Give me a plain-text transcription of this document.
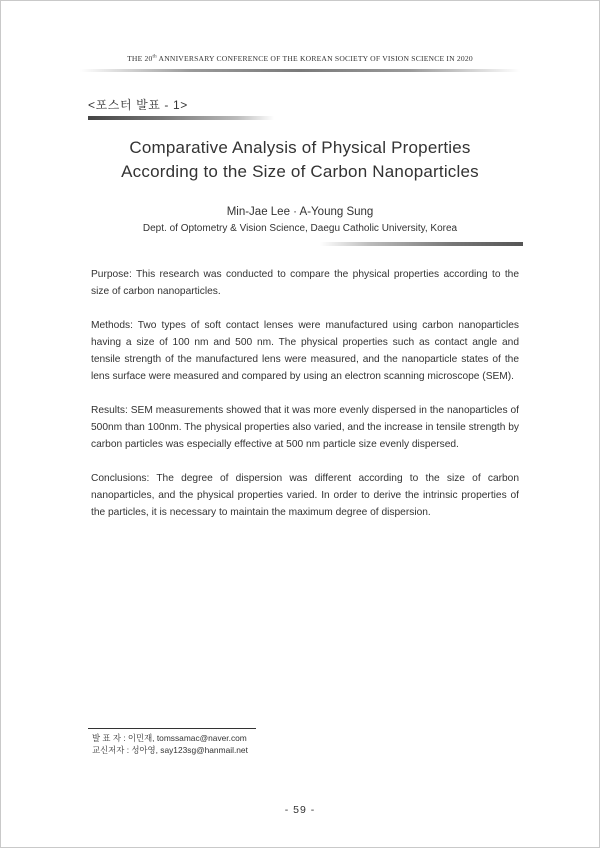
THE 20th ANNIVERSARY CONFERENCE OF THE KOREAN SOCIETY OF VISION SCIENCE IN 2020
<포스터 발표 - 1>
Comparative Analysis of Physical Properties
According to the Size of Carbon Nanoparticles
Min-Jae Lee · A-Young Sung
Dept. of Optometry & Vision Science, Daegu Catholic University, Korea

Purpose: This research was conducted to compare the physical properties according to the size of carbon nanoparticles.

Methods: Two types of soft contact lenses were manufactured using carbon nanoparticles having a size of 100 nm and 500 nm. The physical properties such as contact angle and tensile strength of the manufactured lens were measured, and the nanoparticle states of the lens surface were measured and compared by using an electron scanning microscope (SEM).

Results: SEM measurements showed that it was more evenly dispersed in the nanoparticles of 500nm than 100nm. The physical properties also varied, and the increase in tensile strength by carbon particles was especially effective at 500 nm particle size evenly dispersed.

Conclusions: The degree of dispersion was different according to the size of carbon nanoparticles, and the physical properties varied. In order to derive the intrinsic properties of the particles, it is necessary to maintain the maximum degree of dispersion.

발 표 자 : 이민재, tomssamac@naver.com
교신저자 : 성아영, say123sg@hanmail.net
- 59 -
